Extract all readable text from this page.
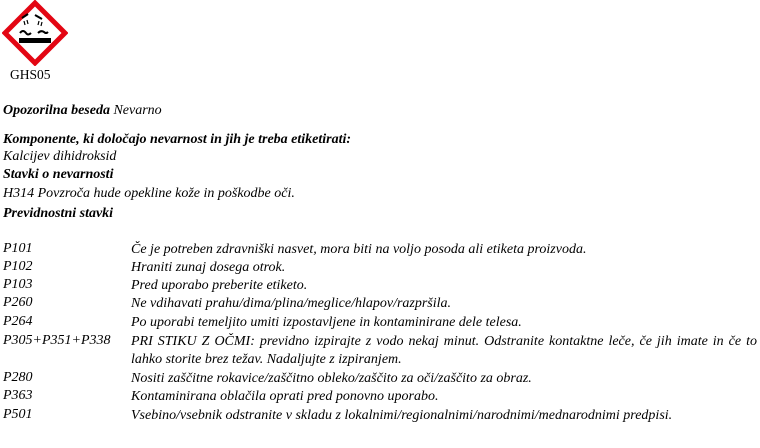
GHS05
Opozorilna beseda Nevarno
Komponente, ki določajo nevarnost in jih je treba etiketirati:
Kalcijev dihidroksid
Stavki o nevarnosti
H314 Povzroča hude opekline kože in poškodbe oči.
Previdnostni stavki
P101	Če je potreben zdravniški nasvet, mora biti na voljo posoda ali etiketa proizvoda.
P102	Hraniti zunaj dosega otrok.
P103	Pred uporabo preberite etiketo.
P260	Ne vdihavati prahu/dima/plina/meglice/hlapov/razpršila.
P264	Po uporabi temeljito umiti izpostavljene in kontaminirane dele telesa.
P305+P351+P338 PRI STIKU Z OČMI: previdno izpirajte z vodo nekaj minut. Odstranite kontaktne leče, če jih imate in če to lahko storite brez težav. Nadaljujte z izpiranjem.
P280	Nositi zaščitne rokavice/zaščitno obleko/zaščito za oči/zaščito za obraz.
P363	Kontaminirana oblačila oprati pred ponovno uporabo.
P501	Vsebino/vsebnik odstranite v skladu z lokalnimi/regionalnimi/narodnimi/mednarodnimi predpisi.
